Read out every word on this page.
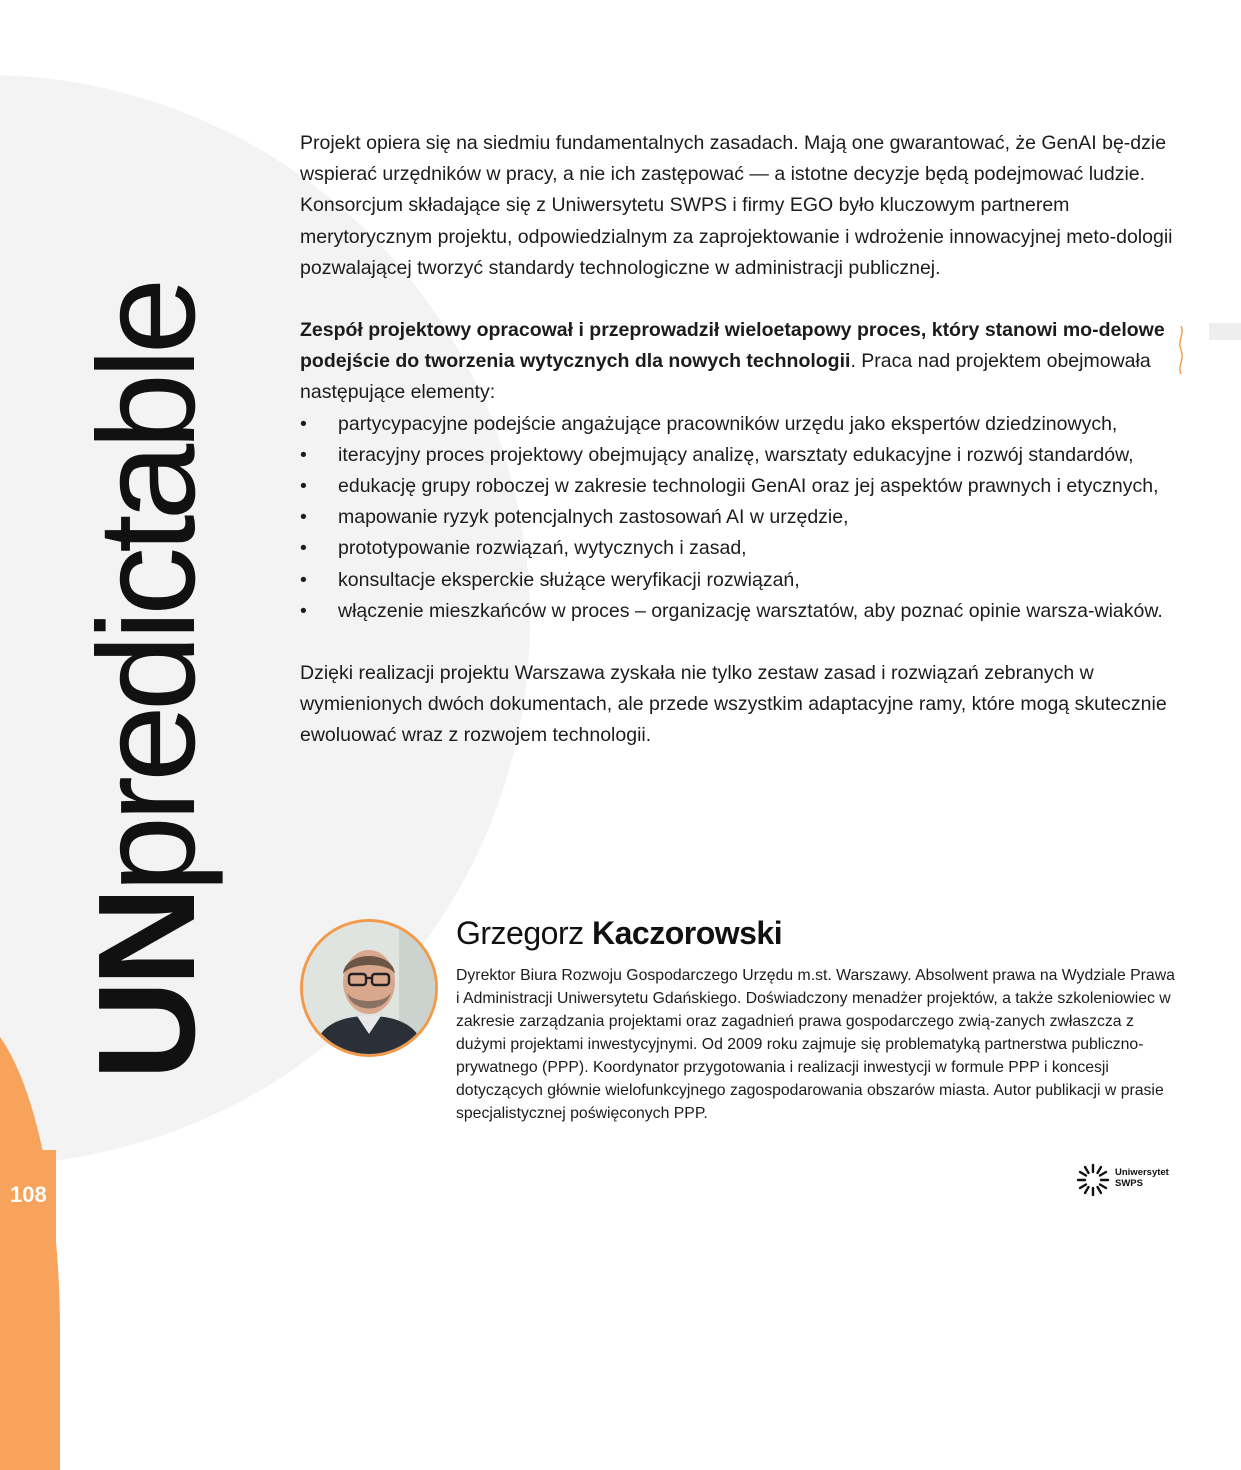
108
UNpredictable

Projekt opiera się na siedmiu fundamentalnych zasadach. Mają one gwarantować, że GenAI bę-dzie wspierać urzędników w pracy, a nie ich zastępować — a istotne decyzje będą podejmować ludzie. Konsorcjum składające się z Uniwersytetu SWPS i firmy EGO było kluczowym partnerem merytorycznym projektu, odpowiedzialnym za zaprojektowanie i wdrożenie innowacyjnej meto-dologii pozwalającej tworzyć standardy technologiczne w administracji publicznej.

Zespół projektowy opracował i przeprowadził wieloetapowy proces, który stanowi mo-delowe podejście do tworzenia wytycznych dla nowych technologii. Praca nad projektem obejmowała następujące elementy:

• partycypacyjne podejście angażujące pracowników urzędu jako ekspertów dziedzinowych,
• iteracyjny proces projektowy obejmujący analizę, warsztaty edukacyjne i rozwój standardów,
• edukację grupy roboczej w zakresie technologii GenAI oraz jej aspektów prawnych i etycznych,
• mapowanie ryzyk potencjalnych zastosowań AI w urzędzie,
• prototypowanie rozwiązań, wytycznych i zasad,
• konsultacje eksperckie służące weryfikacji rozwiązań,
• włączenie mieszkańców w proces – organizację warsztatów, aby poznać opinie warsza-wiaków.

Dzięki realizacji projektu Warszawa zyskała nie tylko zestaw zasad i rozwiązań zebranych w wymienionych dwóch dokumentach, ale przede wszystkim adaptacyjne ramy, które mogą skutecznie ewoluować wraz z rozwojem technologii.

Grzegorz Kaczorowski
Dyrektor Biura Rozwoju Gospodarczego Urzędu m.st. Warszawy. Absolwent prawa na Wydziale Prawa i Administracji Uniwersytetu Gdańskiego. Doświadczony menadżer projektów, a także szkoleniowiec w zakresie zarządzania projektami oraz zagadnień prawa gospodarczego zwią-zanych zwłaszcza z dużymi projektami inwestycyjnymi. Od 2009 roku zajmuje się problematyką partnerstwa publiczno-prywatnego (PPP). Koordynator przygotowania i realizacji inwestycji w formule PPP i koncesji dotyczących głównie wielofunkcyjnego zagospodarowania obszarów miasta. Autor publikacji w prasie specjalistycznej poświęconych PPP.
Uniwersytet
SWPS
